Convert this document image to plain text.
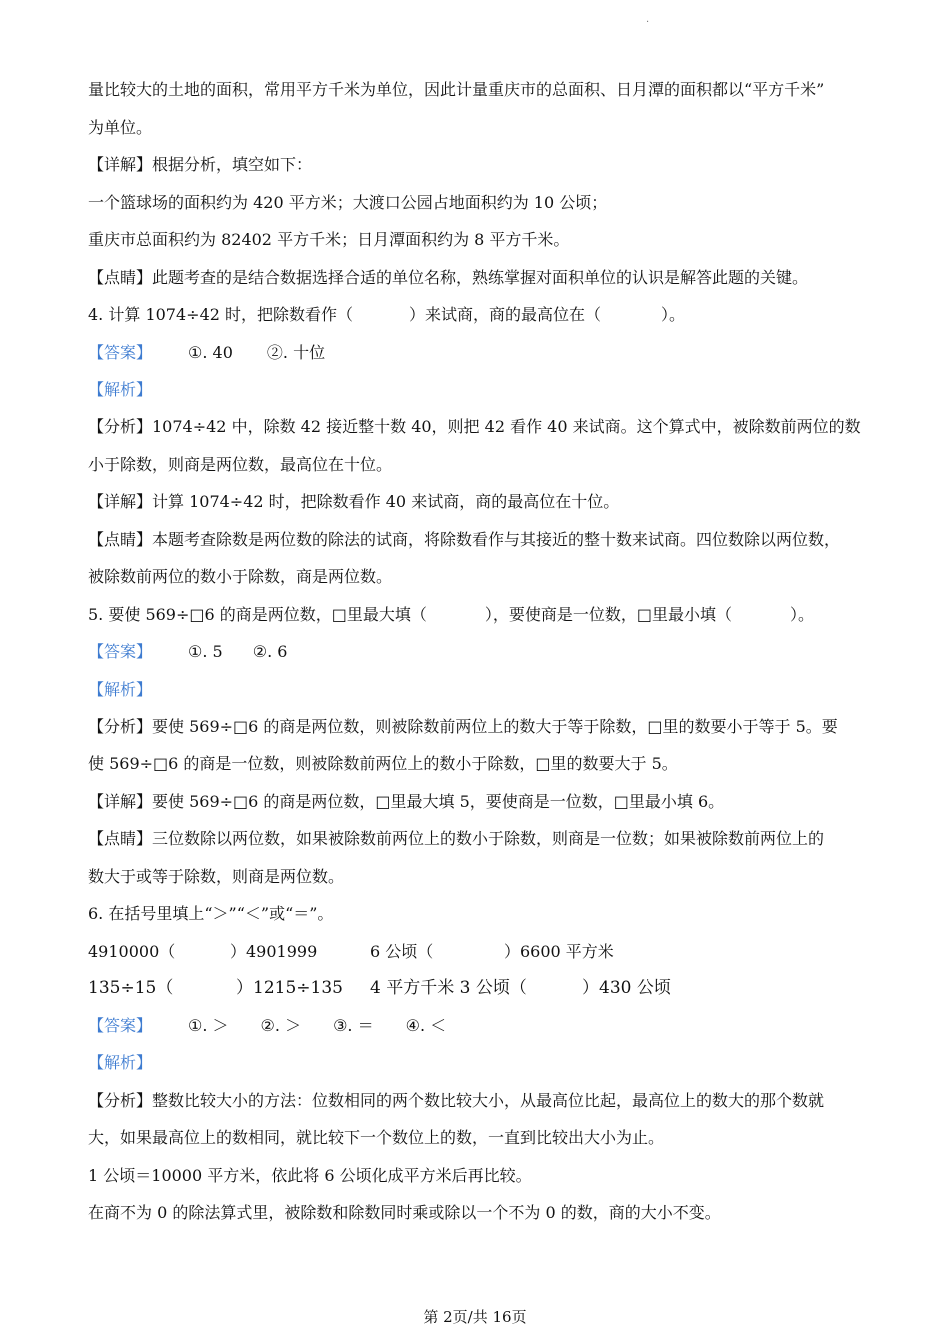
.
量比较大的土地的面积，常用平方千米为单位，因此计量重庆市的总面积、日月潭的面积都以“平方千米”
为单位。
【详解】根据分析，填空如下：
一个篮球场的面积约为 420 平方米；大渡口公园占地面积约为 10 公顷；
重庆市总面积约为 82402 平方千米；日月潭面积约为 8 平方千米。
【点睛】此题考查的是结合数据选择合适的单位名称，熟练掌握对面积单位的认识是解答此题的关键。
4. 计算 1074÷42 时，把除数看作（	）来试商，商的最高位在（	）。
【答案】 ①. 40 ②. 十位
【解析】
【分析】1074÷42 中，除数 42 接近整十数 40，则把 42 看作 40 来试商。这个算式中，被除数前两位的数
小于除数，则商是两位数，最高位在十位。
【详解】计算 1074÷42 时，把除数看作 40 来试商，商的最高位在十位。
【点睛】本题考查除数是两位数的除法的试商，将除数看作与其接近的整十数来试商。四位数除以两位数，
被除数前两位的数小于除数，商是两位数。
5. 要使 569÷□6 的商是两位数，□里最大填（	），要使商是一位数，□里最小填（	）。
【答案】 ①. 5 ②. 6
【解析】
【分析】要使 569÷□6 的商是两位数，则被除数前两位上的数大于等于除数，□里的数要小于等于 5。要
使 569÷□6 的商是一位数，则被除数前两位上的数小于除数，□里的数要大于 5。
【详解】要使 569÷□6 的商是两位数，□里最大填 5，要使商是一位数，□里最小填 6。
【点睛】三位数除以两位数，如果被除数前两位上的数小于除数，则商是一位数；如果被除数前两位上的
数大于或等于除数，则商是两位数。
6. 在括号里填上“＞”“＜”或“＝”。
4910000（	）4901999	6 公顷（	）6600 平方米
135÷15（	）1215÷135 4 平方千米 3 公顷（	）430 公顷
【答案】 ①. ＞ ②. ＞ ③. ＝ ④. ＜
【解析】
【分析】整数比较大小的方法：位数相同的两个数比较大小，从最高位比起，最高位上的数大的那个数就
大，如果最高位上的数相同，就比较下一个数位上的数，一直到比较出大小为止。
1 公顷＝10000 平方米，依此将 6 公顷化成平方米后再比较。
在商不为 0 的除法算式里，被除数和除数同时乘或除以一个不为 0 的数，商的大小不变。
第 2页/共 16页
